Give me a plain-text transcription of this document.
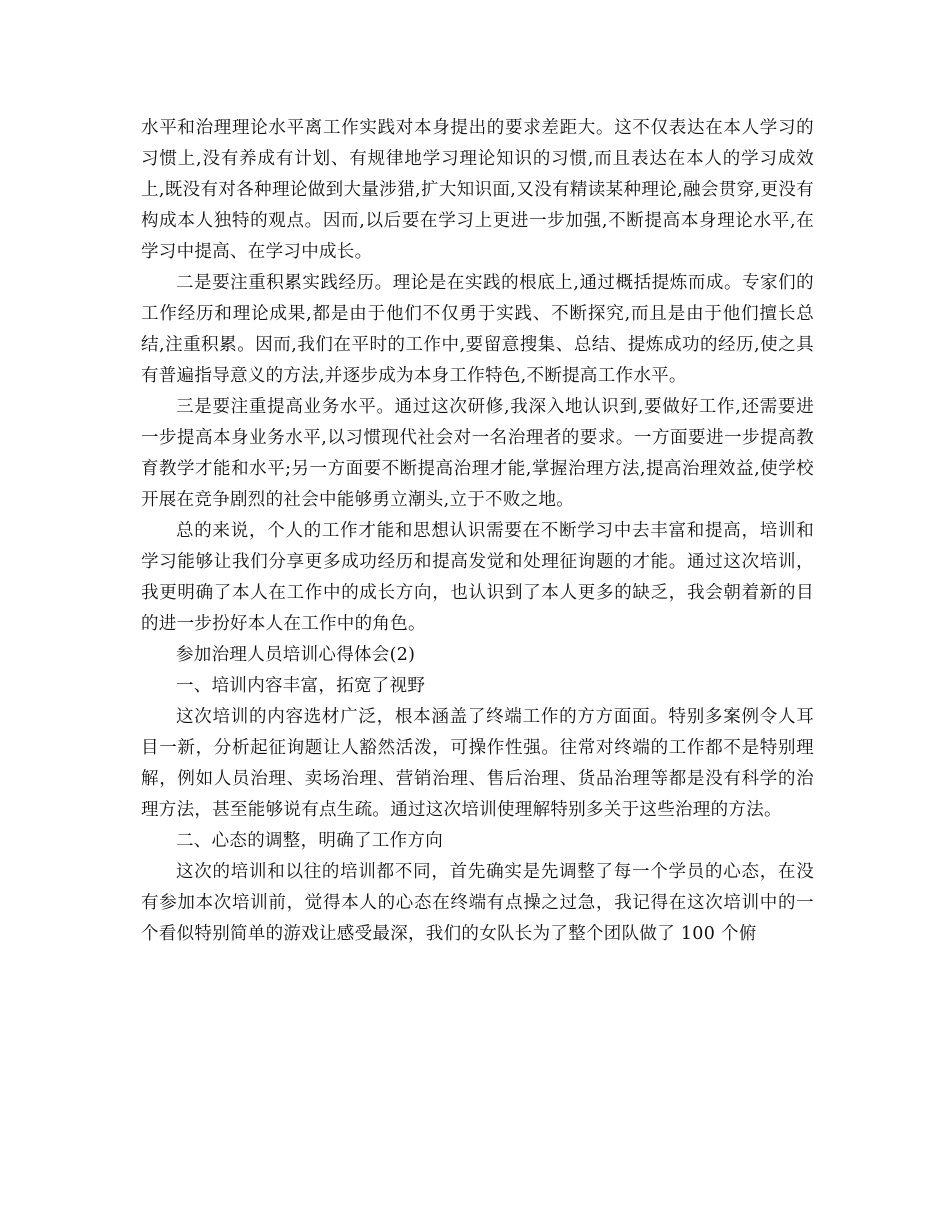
水平和治理理论水平离工作实践对本身提出的要求差距大。这不仅表达在本人学习的习惯上,没有养成有计划、有规律地学习理论知识的习惯,而且表达在本人的学习成效上,既没有对各种理论做到大量涉猎,扩大知识面,又没有精读某种理论,融会贯穿,更没有构成本人独特的观点。因而,以后要在学习上更进一步加强,不断提高本身理论水平,在学习中提高、在学习中成长。

二是要注重积累实践经历。理论是在实践的根底上,通过概括提炼而成。专家们的工作经历和理论成果,都是由于他们不仅勇于实践、不断探究,而且是由于他们擅长总结,注重积累。因而,我们在平时的工作中,要留意搜集、总结、提炼成功的经历,使之具有普遍指导意义的方法,并逐步成为本身工作特色,不断提高工作水平。

三是要注重提高业务水平。通过这次研修,我深入地认识到,要做好工作,还需要进一步提高本身业务水平,以习惯现代社会对一名治理者的要求。一方面要进一步提高教育教学才能和水平;另一方面要不断提高治理才能,掌握治理方法,提高治理效益,使学校开展在竞争剧烈的社会中能够勇立潮头,立于不败之地。

总的来说，个人的工作才能和思想认识需要在不断学习中去丰富和提高，培训和学习能够让我们分享更多成功经历和提高发觉和处理征询题的才能。通过这次培训，我更明确了本人在工作中的成长方向，也认识到了本人更多的缺乏，我会朝着新的目的进一步扮好本人在工作中的角色。

参加治理人员培训心得体会(2)

一、培训内容丰富，拓宽了视野

这次培训的内容选材广泛，根本涵盖了终端工作的方方面面。特别多案例令人耳目一新，分析起征询题让人豁然活泼，可操作性强。往常对终端的工作都不是特别理解，例如人员治理、卖场治理、营销治理、售后治理、货品治理等都是没有科学的治理方法，甚至能够说有点生疏。通过这次培训使理解特别多关于这些治理的方法。

二、心态的调整，明确了工作方向

这次的培训和以往的培训都不同，首先确实是先调整了每一个学员的心态，在没有参加本次培训前，觉得本人的心态在终端有点操之过急，我记得在这次培训中的一个看似特别简单的游戏让感受最深，我们的女队长为了整个团队做了 100 个俯
